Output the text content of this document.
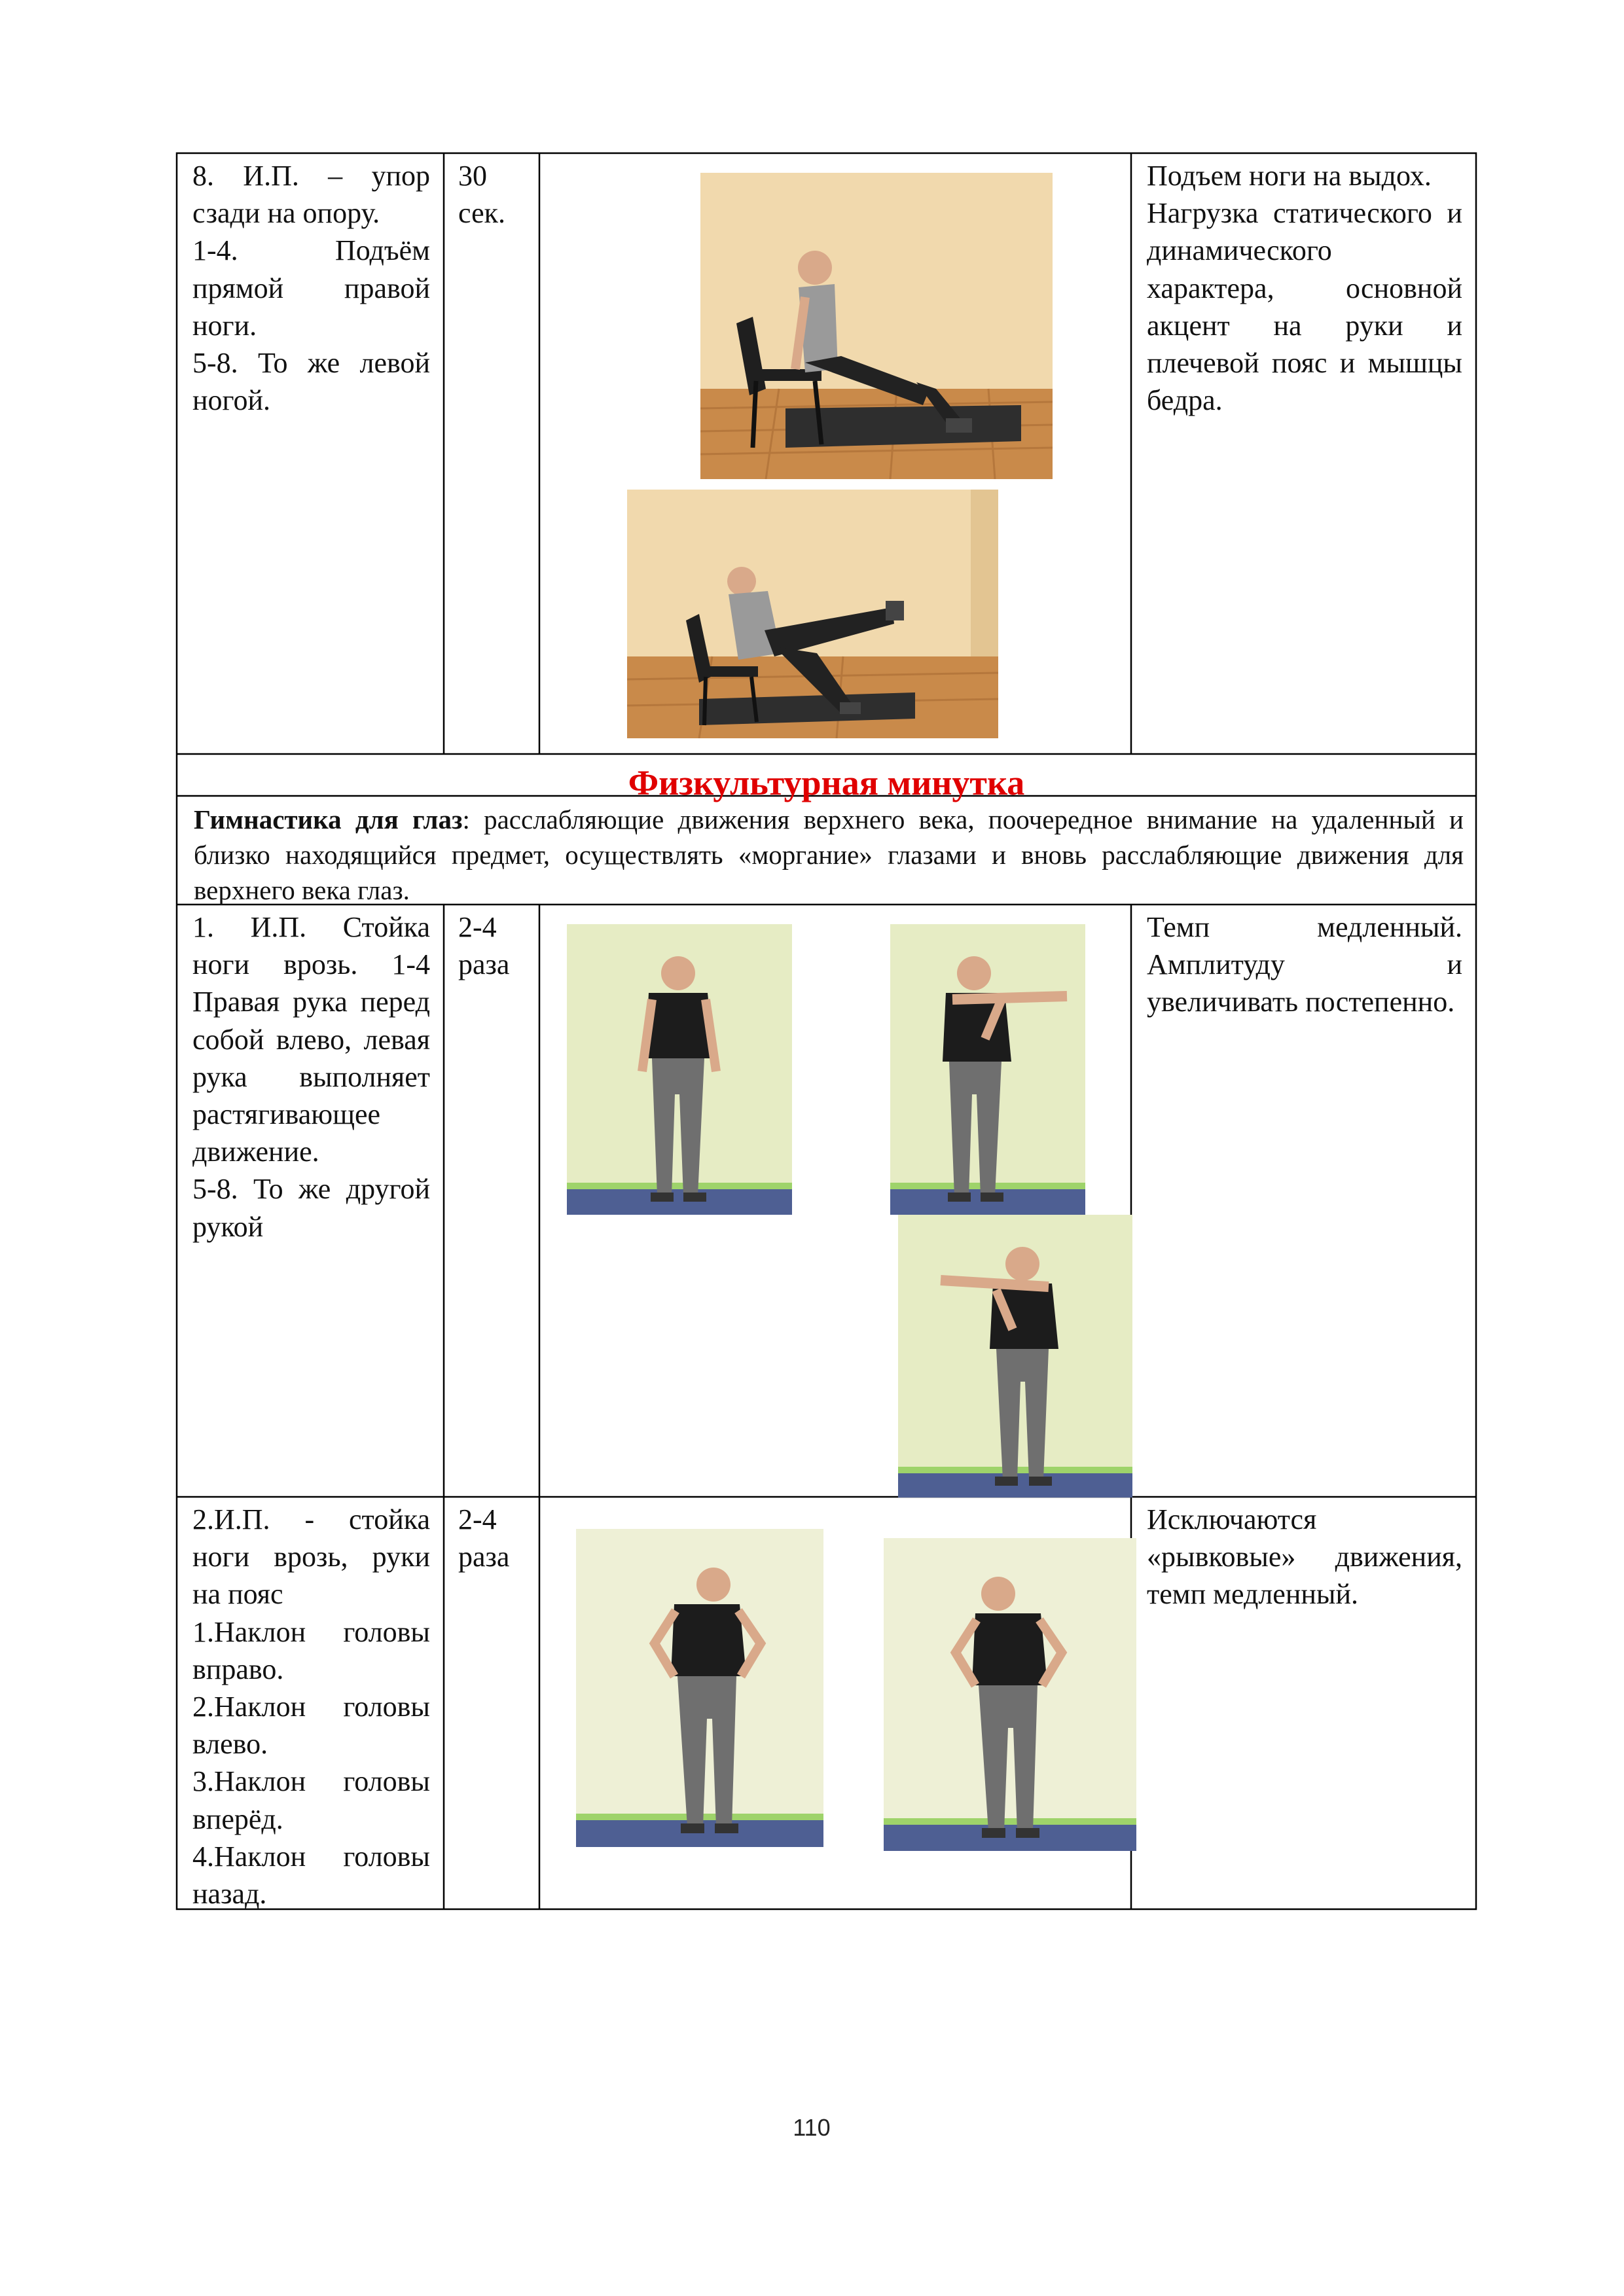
8. И.П. – упор сзади на опору.
1-4. Подъём прямой правой ноги.
5-8. То же левой ногой.
30
сек.
Подъем ноги на выдох.
Нагрузка статического и динамического характера, основной акцент на руки и плечевой пояс и мышцы бедра.
Физкультурная минутка
Гимнастика для глаз: расслабляющие движения верхнего века, поочередное внимание на удаленный и близко находящийся предмет, осуществлять «моргание» глазами и вновь расслабляющие движения для верхнего века глаз.
1. И.П. Стойка ноги врозь. 1-4 Правая рука перед собой влево, левая рука выполняет растягивающее движение.
5-8. То же другой рукой
2-4
раза
Темп медленный. Амплитуду и увеличивать постепенно.
2.И.П. - стойка ноги врозь, руки на пояс
1.Наклон головы вправо.
2.Наклон головы влево.
3.Наклон головы вперёд.
4.Наклон головы назад.
2-4
раза
Исключаются «рывковые» движения, темп медленный.
110
